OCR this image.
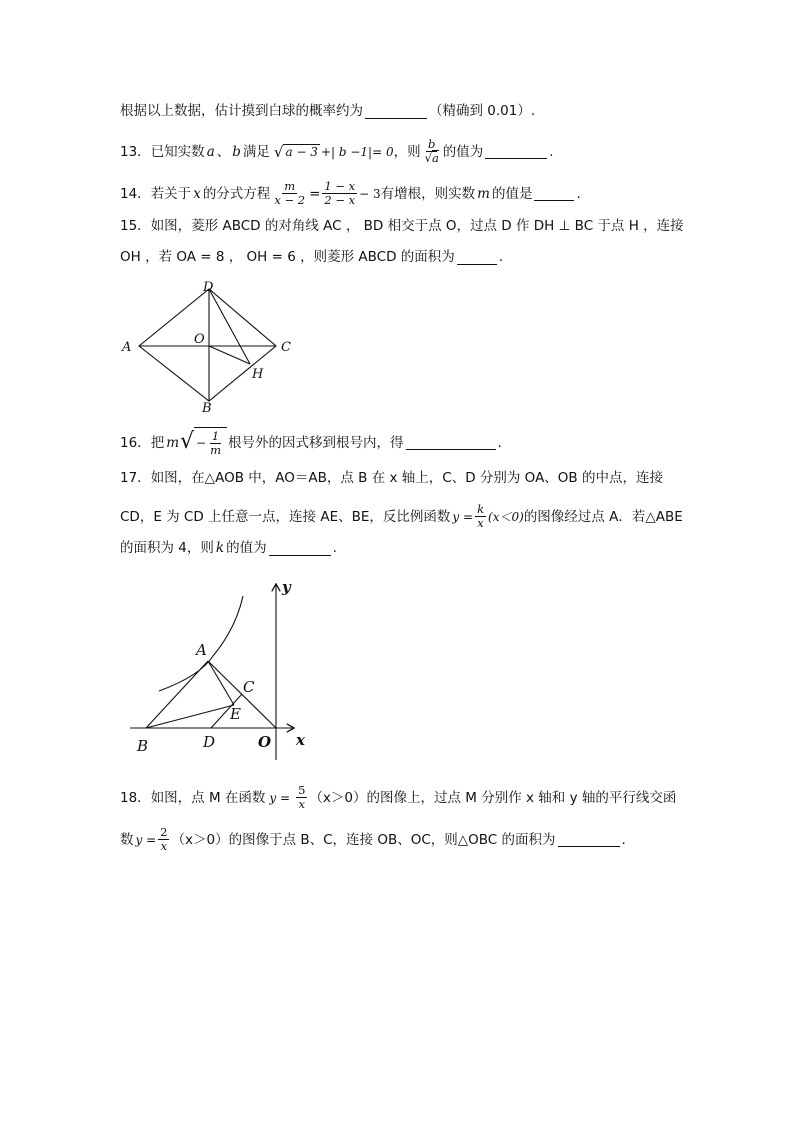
根据以上数据，估计摸到白球的概率约为	（精确到 0.01）.
13． 已知实数 a 、 b 满足 √ a − 3 +| b −1|= 0 ，则 $\frac{b}{√a}$ 的值为	.
14． 若关于 x 的分式方程 $\frac{m}{x - 2} = \frac{1 - x}{2 - x} - 3$ 有增根，则实数 m 的值是	.
15． 如图，菱形 ABCD 的对角线 AC ， BD 相交于点 O，过点 D 作 DH ⊥ BC 于点 H ，连接
OH ，若 OA = 8 ， OH = 6 ，则菱形 ABCD 的面积为	.
A
B
C
D
O
H
16． 把 m √ − $\frac{1}{m}$ 根号外的因式移到根号内，得	.
17． 如图，在△AOB 中，AO＝AB，点 B 在 x 轴上，C、D 分别为 OA、OB 的中点，连接
CD，E 为 CD 上任意一点，连接 AE、BE，反比例函数 $y = \frac{k}{x} (x<0)$ 的图像经过点 A．若△ABE
的面积为 4，则 k 的值为	.
A
B
C
D
E
O x
y
18． 如图，点 M 在函数 $y = \frac{5}{x} (x>0)$的图像上，过点 M 分别作 x 轴和 y 轴的平行线交函
数 $y = \frac{2}{x} (x>0)$的图像于点 B、C，连接 OB、OC，则△OBC 的面积为	.
